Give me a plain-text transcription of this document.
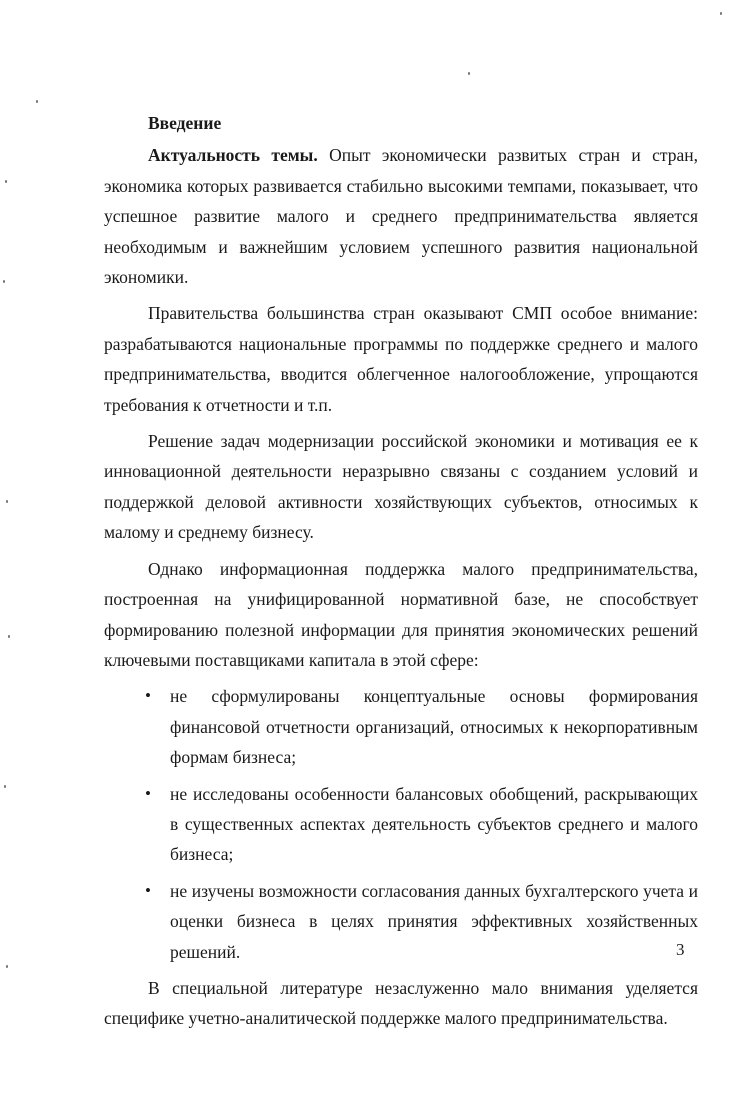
Введение

Актуальность темы. Опыт экономически развитых стран и стран, экономика которых развивается стабильно высокими темпами, показывает, что успешное развитие малого и среднего предпринимательства является необходимым и важнейшим условием успешного развития национальной экономики.

Правительства большинства стран оказывают СМП особое внимание: разрабатываются национальные программы по поддержке среднего и малого предпринимательства, вводится облегченное налогообложение, упрощаются требования к отчетности и т.п.

Решение задач модернизации российской экономики и мотивация ее к инновационной деятельности неразрывно связаны с созданием условий и поддержкой деловой активности хозяйствующих субъектов, относимых к малому и среднему бизнесу.

Однако информационная поддержка малого предпринимательства, построенная на унифицированной нормативной базе, не способствует формированию полезной информации для принятия экономических решений ключевыми поставщиками капитала в этой сфере:

• не сформулированы концептуальные основы формирования финансовой отчетности организаций, относимых к некорпоративным формам бизнеса;
• не исследованы особенности балансовых обобщений, раскрывающих в существенных аспектах деятельность субъектов среднего и малого бизнеса;
• не изучены возможности согласования данных бухгалтерского учета и оценки бизнеса в целях принятия эффективных хозяйственных решений.

В специальной литературе незаслуженно мало внимания уделяется специфике учетно-аналитической поддержке малого предпринимательства.

3
